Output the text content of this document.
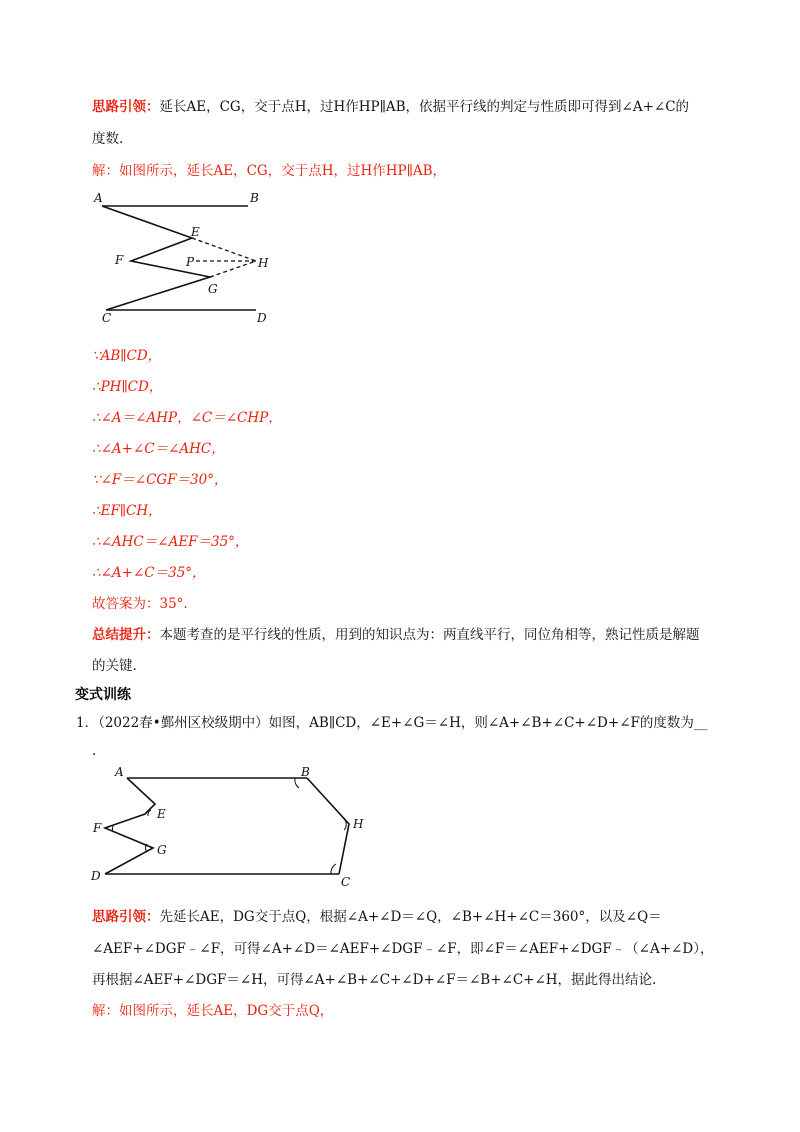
思路引领：延长AE，CG，交于点H，过H作HP∥AB，依据平行线的判定与性质即可得到∠A+∠C的
度数.
解：如图所示，延长AE，CG，交于点H，过H作HP∥AB，
A	B
E
F	P	H
G
C	D
∵AB∥CD，
∴PH∥CD，
∴∠A＝∠AHP，∠C＝∠CHP，
∴∠A+∠C＝∠AHC，
∵∠F＝∠CGF＝30°，
∴EF∥CH，
∴∠AHC＝∠AEF＝35°，
∴∠A+∠C＝35°，
故答案为：35°.
总结提升：本题考查的是平行线的性质，用到的知识点为：两直线平行，同位角相等，熟记性质是解题
的关键.
变式训练
1．（2022春•鄞州区校级期中）如图，AB∥CD，∠E+∠G＝∠H，则∠A+∠B+∠C+∠D+∠F的度数为__
.
A	B
E
F
G
H
D	C
思路引领：先延长AE，DG交于点Q，根据∠A+∠D＝∠Q，∠B+∠H+∠C＝360°，以及∠Q＝
∠AEF+∠DGF﹣∠F，可得∠A+∠D＝∠AEF+∠DGF﹣∠F，即∠F＝∠AEF+∠DGF﹣（∠A+∠D），
再根据∠AEF+∠DGF＝∠H，可得∠A+∠B+∠C+∠D+∠F＝∠B+∠C+∠H，据此得出结论.
解：如图所示，延长AE，DG交于点Q，
